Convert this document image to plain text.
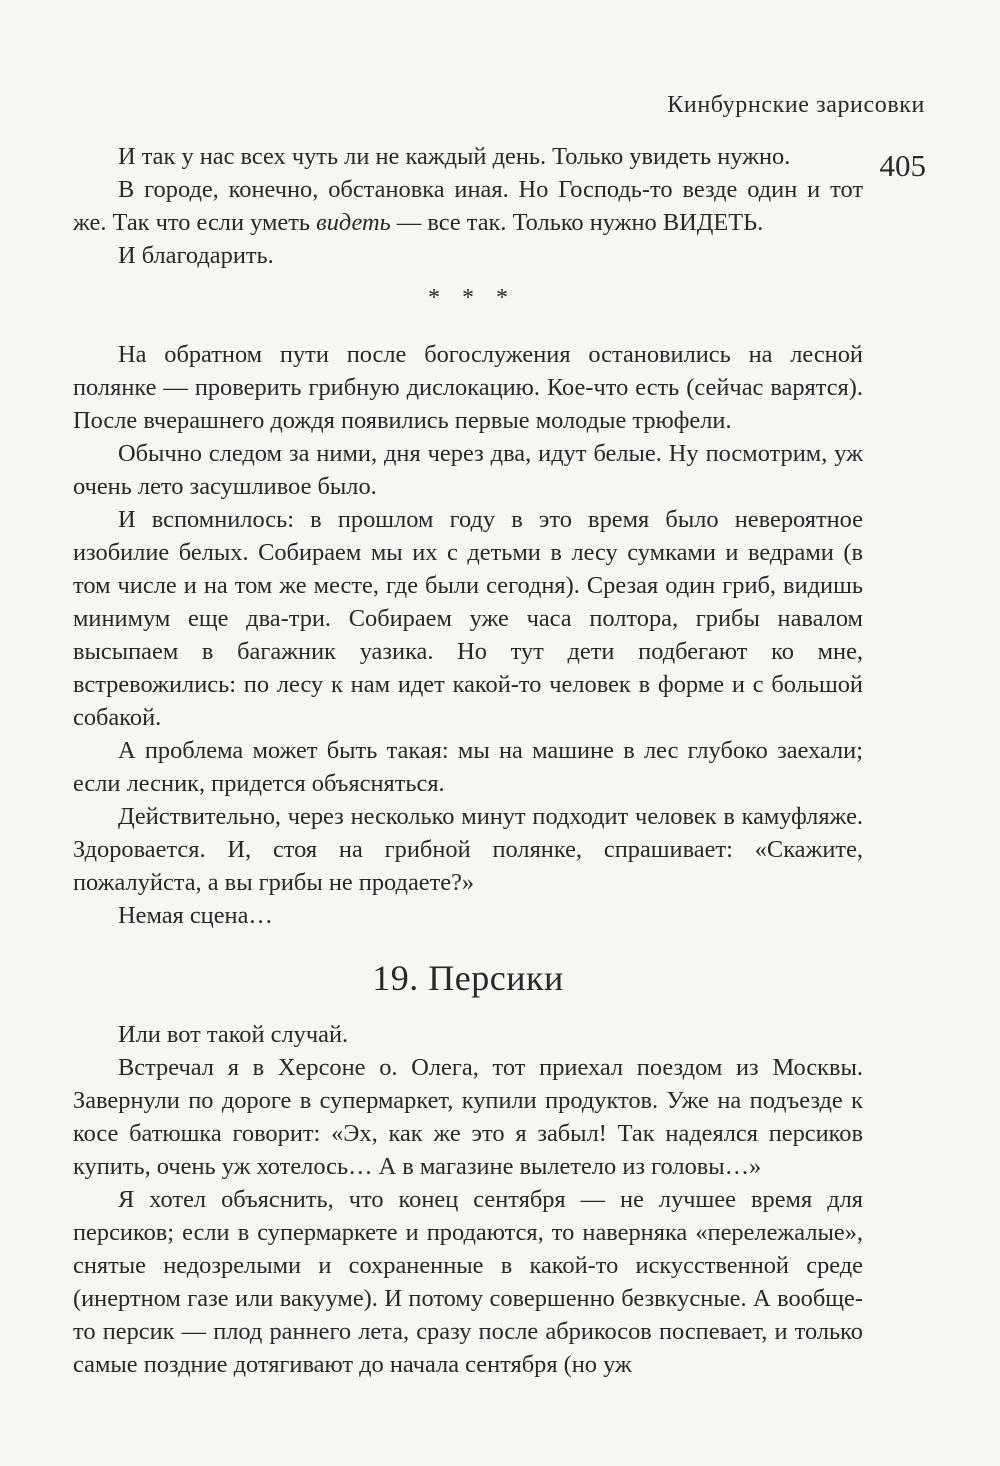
Кинбурнские зарисовки
405

И так у нас всех чуть ли не каждый день. Только увидеть нужно.

В городе, конечно, обстановка иная. Но Господь-то везде один и тот же. Так что если уметь видеть — все так. Только нужно ВИДЕТЬ.

И благодарить.

* * *

На обратном пути после богослужения остановились на лесной полянке — проверить грибную дислокацию. Кое-что есть (сейчас варятся). После вчерашнего дождя появились первые молодые трюфели.

Обычно следом за ними, дня через два, идут белые. Ну посмотрим, уж очень лето засушливое было.

И вспомнилось: в прошлом году в это время было невероятное изобилие белых. Собираем мы их с детьми в лесу сумками и ведрами (в том числе и на том же месте, где были сегодня). Срезая один гриб, видишь минимум еще два-три. Собираем уже часа полтора, грибы навалом высыпаем в багажник уазика. Но тут дети подбегают ко мне, встревожились: по лесу к нам идет какой-то человек в форме и с большой собакой.

А проблема может быть такая: мы на машине в лес глубоко заехали; если лесник, придется объясняться.

Действительно, через несколько минут подходит человек в камуфляже. Здоровается. И, стоя на грибной полянке, спрашивает: «Скажите, пожалуйста, а вы грибы не продаете?»

Немая сцена…

19. Персики

Или вот такой случай.

Встречал я в Херсоне о. Олега, тот приехал поездом из Москвы. Завернули по дороге в супермаркет, купили продуктов. Уже на подъезде к косе батюшка говорит: «Эх, как же это я забыл! Так надеялся персиков купить, очень уж хотелось… А в магазине вылетело из головы…»

Я хотел объяснить, что конец сентября — не лучшее время для персиков; если в супермаркете и продаются, то наверняка «перележалые», снятые недозрелыми и сохраненные в какой-то искусственной среде (инертном газе или вакууме). И потому совершенно безвкусные. А вообще-то персик — плод раннего лета, сразу после абрикосов поспевает, и только самые поздние дотягивают до начала сентября (но уж
